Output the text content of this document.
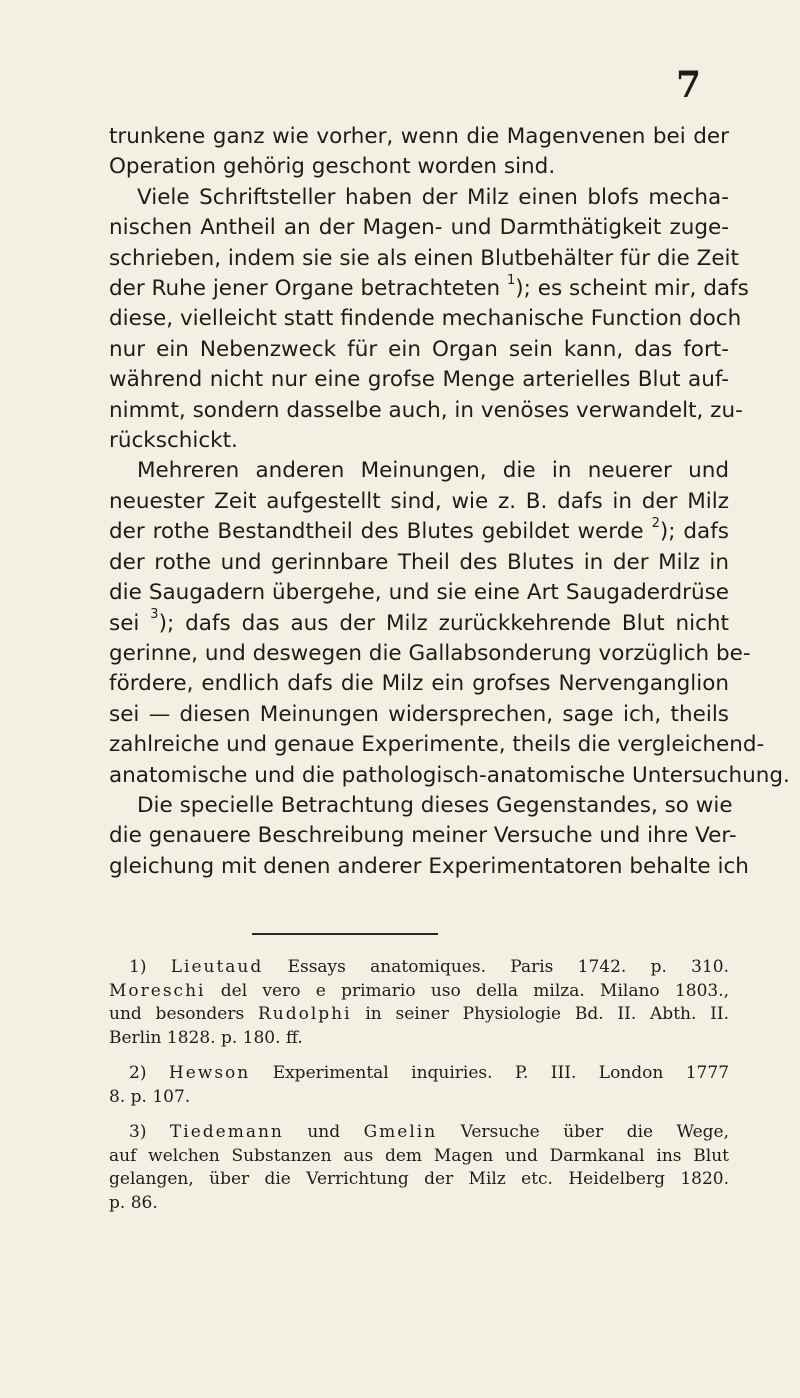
7
trunkene ganz wie vorher, wenn die Magenvenen bei der
Operation gehörig geschont worden sind.
Viele Schriftsteller haben der Milz einen blofs mecha-
nischen Antheil an der Magen- und Darmthätigkeit zuge-
schrieben, indem sie sie als einen Blutbehälter für die Zeit
der Ruhe jener Organe betrachteten $^1$); es scheint mir, dafs
diese, vielleicht statt findende mechanische Function doch
nur ein Nebenzweck für ein Organ sein kann, das fort-
während nicht nur eine grofse Menge arterielles Blut auf-
nimmt, sondern dasselbe auch, in venöses verwandelt, zu-
rückschickt.
Mehreren anderen Meinungen, die in neuerer und
neuester Zeit aufgestellt sind, wie z. B. dafs in der Milz
der rothe Bestandtheil des Blutes gebildet werde $^2$); dafs
der rothe und gerinnbare Theil des Blutes in der Milz in
die Saugadern übergehe, und sie eine Art Saugaderdrüse
sei $^3$); dafs das aus der Milz zurückkehrende Blut nicht
gerinne, und deswegen die Gallabsonderung vorzüglich be-
fördere, endlich dafs die Milz ein grofses Nervenganglion
sei — diesen Meinungen widersprechen, sage ich, theils
zahlreiche und genaue Experimente, theils die vergleichend-
anatomische und die pathologisch-anatomische Untersuchung.
Die specielle Betrachtung dieses Gegenstandes, so wie
die genauere Beschreibung meiner Versuche und ihre Ver-
gleichung mit denen anderer Experimentatoren behalte ich
1) Lieutaud Essays anatomiques. Paris 1742. p. 310.
Moreschi del vero e primario uso della milza. Milano 1803.,
und besonders Rudolphi in seiner Physiologie Bd. II. Abth. II.
Berlin 1828. p. 180. ff.
2) Hewson Experimental inquiries. P. III. London 1777
8. p. 107.
3) Tiedemann und Gmelin Versuche über die Wege,
auf welchen Substanzen aus dem Magen und Darmkanal ins Blut
gelangen, über die Verrichtung der Milz etc. Heidelberg 1820.
p. 86.
